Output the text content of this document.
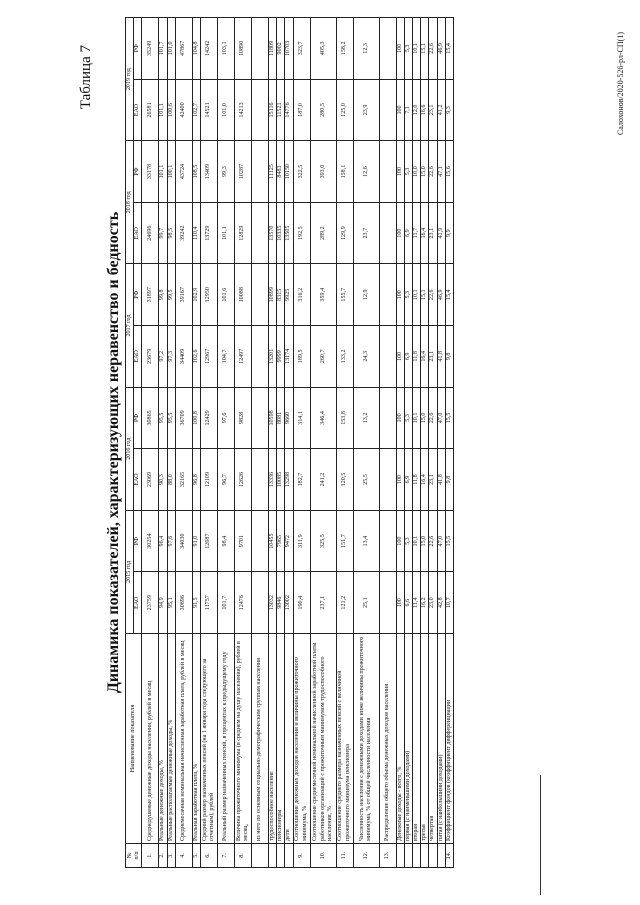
Таблица 7
Динамика показателей, характеризующих неравенство и бедность
№
п/п	Наименование показателя	2015 год		2016 год		2017 год		2018 год		2019 год	
		ЕАО	РФ	ЕАО	РФ	ЕАО	РФ	ЕАО	РФ	ЕАО	РФ
1.	Среднедушевые денежные доходы населения, рублей в месяц	23759	30254	23069	30865	23679	31897	24696	33178	26581	35249
2.	Реальные денежные доходы, %	94,9	96,4	90,3	95,5	97,2	99,8	99,7	101,1	101,1	101,7
3.	Реальные располагаемые денежные доходы, %	95,1	97,6	88,0	95,5	97,3	99,5	98,5	100,1	100,6	101,0
4.	Среднемесячная номинальная начисленная заработная плата, рублей в месяц	30896	34030	32165	36709	34409	39167	39242	43724	42400	47867
5.	Реальная заработная плата, %	91,5	91,0	96,8	100,8	102,6	102,9	110,4	108,5	102,7	104,8
6.	Средний размер назначенных пенсий (на 1 января года следующего за отчетным), рублей	11757	12087	12109	12429	12967	12950	13729	13409	14521	14242
7.	Реальный размер назначенных пенсий, в процентах к предыдущему году	101,7	98,4	96,7	97,6	104,7	101,6	101,1	99,3	101,0	103,1
8.	Величина прожиточного минимума (в среднем на душу населения), рублей в месяц,	12476	9701	12626	9828	12497	10088	12829	10287	14213	10890
	из него по основным социально-демографическим группам населения										
	трудоспособное население	13032	10455	13336	10598	13201	10899	13570	11125	15116	11809
	пенсионеры	9846	7965	10085	8081	9999	8315	10335	8483	11521	9002
	дети	13002	9472	13298	9660	13174	9925	13505	10150	14776	10703
9.	Соотношение денежных доходов населения и величины прожиточного минимума, %	190,4	311,9	182,7	314,1	189,5	316,2	192,5	322,5	187,0	323,7
10.	Соотношение среднемесячной номинальной начисленной заработной платы работников организаций с прожиточным минимумом трудоспособного населения, %	237,1	325,5	241,2	346,4	260,7	359,4	289,2	393,0	280,5	405,3
11.	Соотношение среднего размера назначенных пенсий с величиной прожиточного минимума пенсионера	121,2	151,7	120,5	153,8	133,2	155,7	129,9	158,1	125,0	158,2
12.	Численность населения с денежными доходами ниже величины прожиточного минимума, % от общей численности населения	25,1	13,4	25,5	13,2	24,3	12,9	23,7	12,6	23,9	12,3
13.	Распределение общего объема денежных доходов населения										
	Денежные доходы - всего, %	100	100	100	100	100	100	100	100	100	100
	первая (с наименьшими доходами)	6,6	5,3	6,9	5,3	6,9	5,3	6,9	5,3	7,1	5,3
	вторая	11,4	10,1	11,8	10,1	11,8	10,1	11,7	10,0	12,0	10,1
	третья	16,2	15,0	16,4	15,0	16,4	15,1	16,4	15,0	16,6	15,1
	четвертая	23,0	22,6	23,1	22,6	23,1	22,6	23,1	22,6	23,1	22,6
	пятая (с наибольшими доходами)	42,8	47,0	41,8	47,0	41,8	46,9	41,9	47,1	41,2	46,9
14.	Коэффициент фондов (коэффициент дифференциации	10,7	15,5	9,8	15,5	9,8	15,4	9,9	15,6	9,3	15,4	Салохонов/2020-526-рл-СП(1)
